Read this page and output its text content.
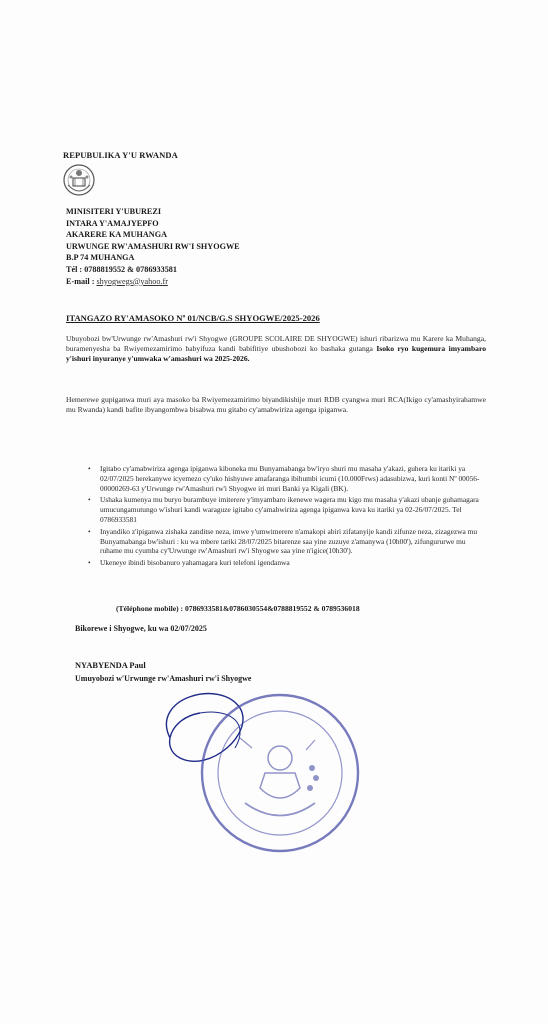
REPUBULIKA Y'U RWANDA
MINISITERI Y'UBUREZI
INTARA Y'AMAJYEPFO
AKARERE KA MUHANGA
URWUNGE RW'AMASHURI RW'I SHYOGWE
B.P 74 MUHANGA
Tél : 0788819552 & 0786933581
E-mail : shyogwegs@yahoo.fr
ITANGAZO RY'AMASOKO Nº 01/NCB/G.S SHYOGWE/2025-2026
Ubuyobozi bw'Urwunge rw'Amashuri rw'i Shyogwe (GROUPE SCOLAIRE DE SHYOGWE) ishuri ribarizwa mu Karere ka Muhanga, buramenyesha ba Rwiyemezamirimo babyifuza kandi babifitiye ubushobozi ko bashaka gutanga Isoko ryo kugemura imyambaro y'ishuri inyuranye y'umwaka w'amashuri wa 2025-2026.
Hemerewe gupiganwa muri aya masoko ba Rwiyemezamirimo biyandikishije muri RDB cyangwa muri RCA(Ikigo cy'amashyirahamwe mu Rwanda) kandi bafite ibyangombwa bisabwa mu gitabo cy'amabwiriza agenga ipiganwa.
• Igitabo cy'amabwiriza agenga ipiganwa kiboneka mu Bunyamabanga bw'iryo shuri mu masaha y'akazi, guhera ku itariki ya 02/07/2025 herekanywe icyemezo cy'uko hishyuwe amafaranga ibihumbi icumi (10.000Frws) adasubizwa, kuri konti Nº 00056-00000269-63 y'Urwunge rw'Amashuri rw'i Shyogwe iri muri Banki ya Kigali (BK).
• Ushaka kumenya mu buryo burambuye imiterere y'imyambaro ikenewe wagera mu kigo mu masaha y'akazi ubanje guhamagara umucungamutungo w'ishuri kandi waraguze igitabo cy'amabwiriza agenga ipiganwa kuva ku itariki ya 02-26/07/2025. Tel 0786933581
• Inyandiko z'ipiganwa zishaka zanditse neza, imwe y'umwimerere n'amakopi abiri zifatanyije kandi zifunze neza, zizagezwa mu Bunyamabanga bw'ishuri : ku wa mbere tariki 28/07/2025 bitarenze saa yine zuzuye z'amanywa (10h00'), zifungururwe mu ruhame mu cyumba cy'Urwunge rw'Amashuri rw'i Shyogwe saa yine n'igice(10h30').
• Ukeneye ibindi bisobanuro yahamagara kuri telefoni igendanwa
(Téléphone mobile) : 0786933581&0786030554&0788819552 & 0789536018
Bikorewe i Shyogwe, ku wa 02/07/2025
NYABYENDA Paul
Umuyobozi w'Urwunge rw'Amashuri rw'i Shyogwe
